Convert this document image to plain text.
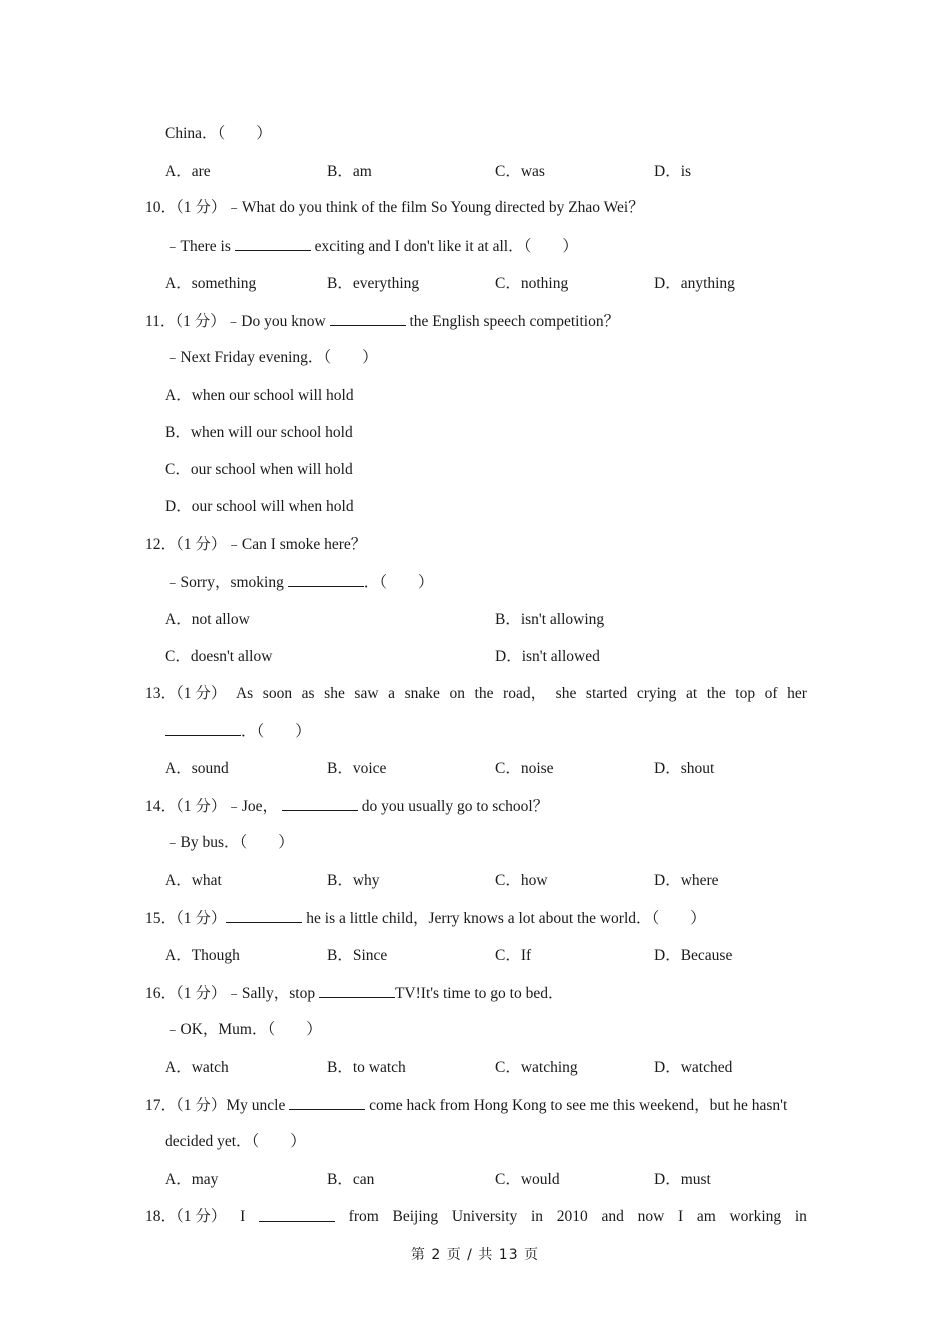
China．（　　）
A．are	B．am	C．was	D．is
10．（1 分）﹣What do you think of the film So Young directed by Zhao Wei？
﹣There is	exciting and I don't like it at all．（　　）
A．something	B．everything	C．nothing	D．anything
11．（1 分）﹣Do you know	the English speech competition？
﹣Next Friday evening．（　　）
A．when our school will hold
B．when will our school hold
C．our school when will hold
D．our school will when hold
12．（1 分）﹣Can I smoke here？
﹣Sorry，smoking	．（　　）
A．not allow	B．isn't allowing
C．doesn't allow	D．isn't allowed
13．（1 分） As soon as she saw a snake on the road， she started crying at the top of her
．（　　）
A．sound	B．voice	C．noise	D．shout
14．（1 分）﹣Joe，	do you usually go to school？
﹣By bus．（　　）
A．what	B．why	C．how	D．where
15．（1 分）	he is a little child，Jerry knows a lot about the world．（　　）
A．Though	B．Since	C．If	D．Because
16．（1 分）﹣Sally，stop	TV!It's time to go to bed．
﹣OK，Mum．（　　）
A．watch	B．to watch	C．watching	D．watched
17．（1 分）My uncle	come hack from Hong Kong to see me this weekend，but he hasn't
decided yet．（　　）
A．may	B．can	C．would	D．must
18．（1 分） I	from Beijing University in 2010 and now I am working in
第 2 页 / 共 13 页
